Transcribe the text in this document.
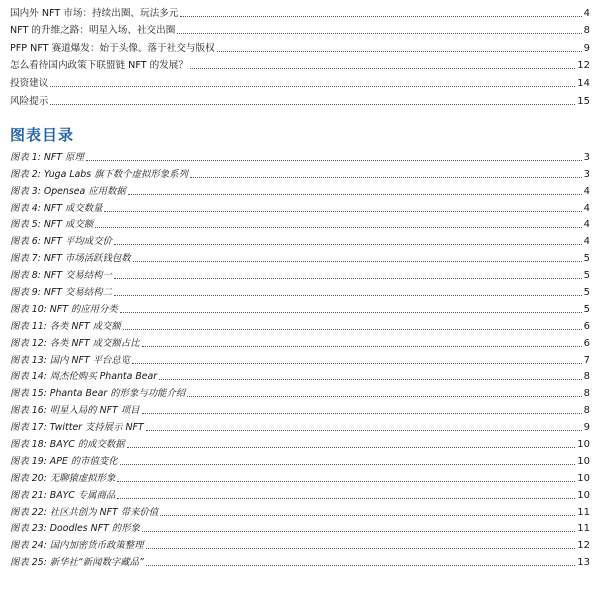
国内外 NFT 市场：持续出圈、玩法多元	4
NFT 的升维之路：明星入场、社交出圈	8
PFP NFT 赛道爆发：始于头像、落于社交与版权	9
怎么看待国内政策下联盟链 NFT 的发展？	12
投资建议	14
风险提示	15
图表目录
图表 1: NFT 原理	3
图表 2: Yuga Labs 旗下数个虚拟形象系列	3
图表 3: Opensea 应用数据	4
图表 4: NFT 成交数量	4
图表 5: NFT 成交额	4
图表 6: NFT 平均成交价	4
图表 7: NFT 市场活跃钱包数	5
图表 8: NFT 交易结构一	5
图表 9: NFT 交易结构二	5
图表 10: NFT 的应用分类	5
图表 11: 各类 NFT 成交额	6
图表 12: 各类 NFT 成交额占比	6
图表 13: 国内 NFT 平台总览	7
图表 14: 周杰伦购买 Phanta Bear	8
图表 15: Phanta Bear 的形象与功能介绍	8
图表 16: 明星入局的 NFT 项目	8
图表 17: Twitter 支持展示 NFT	9
图表 18: BAYC 的成交数据	10
图表 19: APE 的市值变化	10
图表 20: 无聊猿虚拟形象	10
图表 21: BAYC 专属商品	10
图表 22: 社区共创为 NFT 带来价值	11
图表 23: Doodles NFT 的形象	11
图表 24: 国内加密货币政策整理	12
图表 25: 新华社“新闻数字藏品”	13
